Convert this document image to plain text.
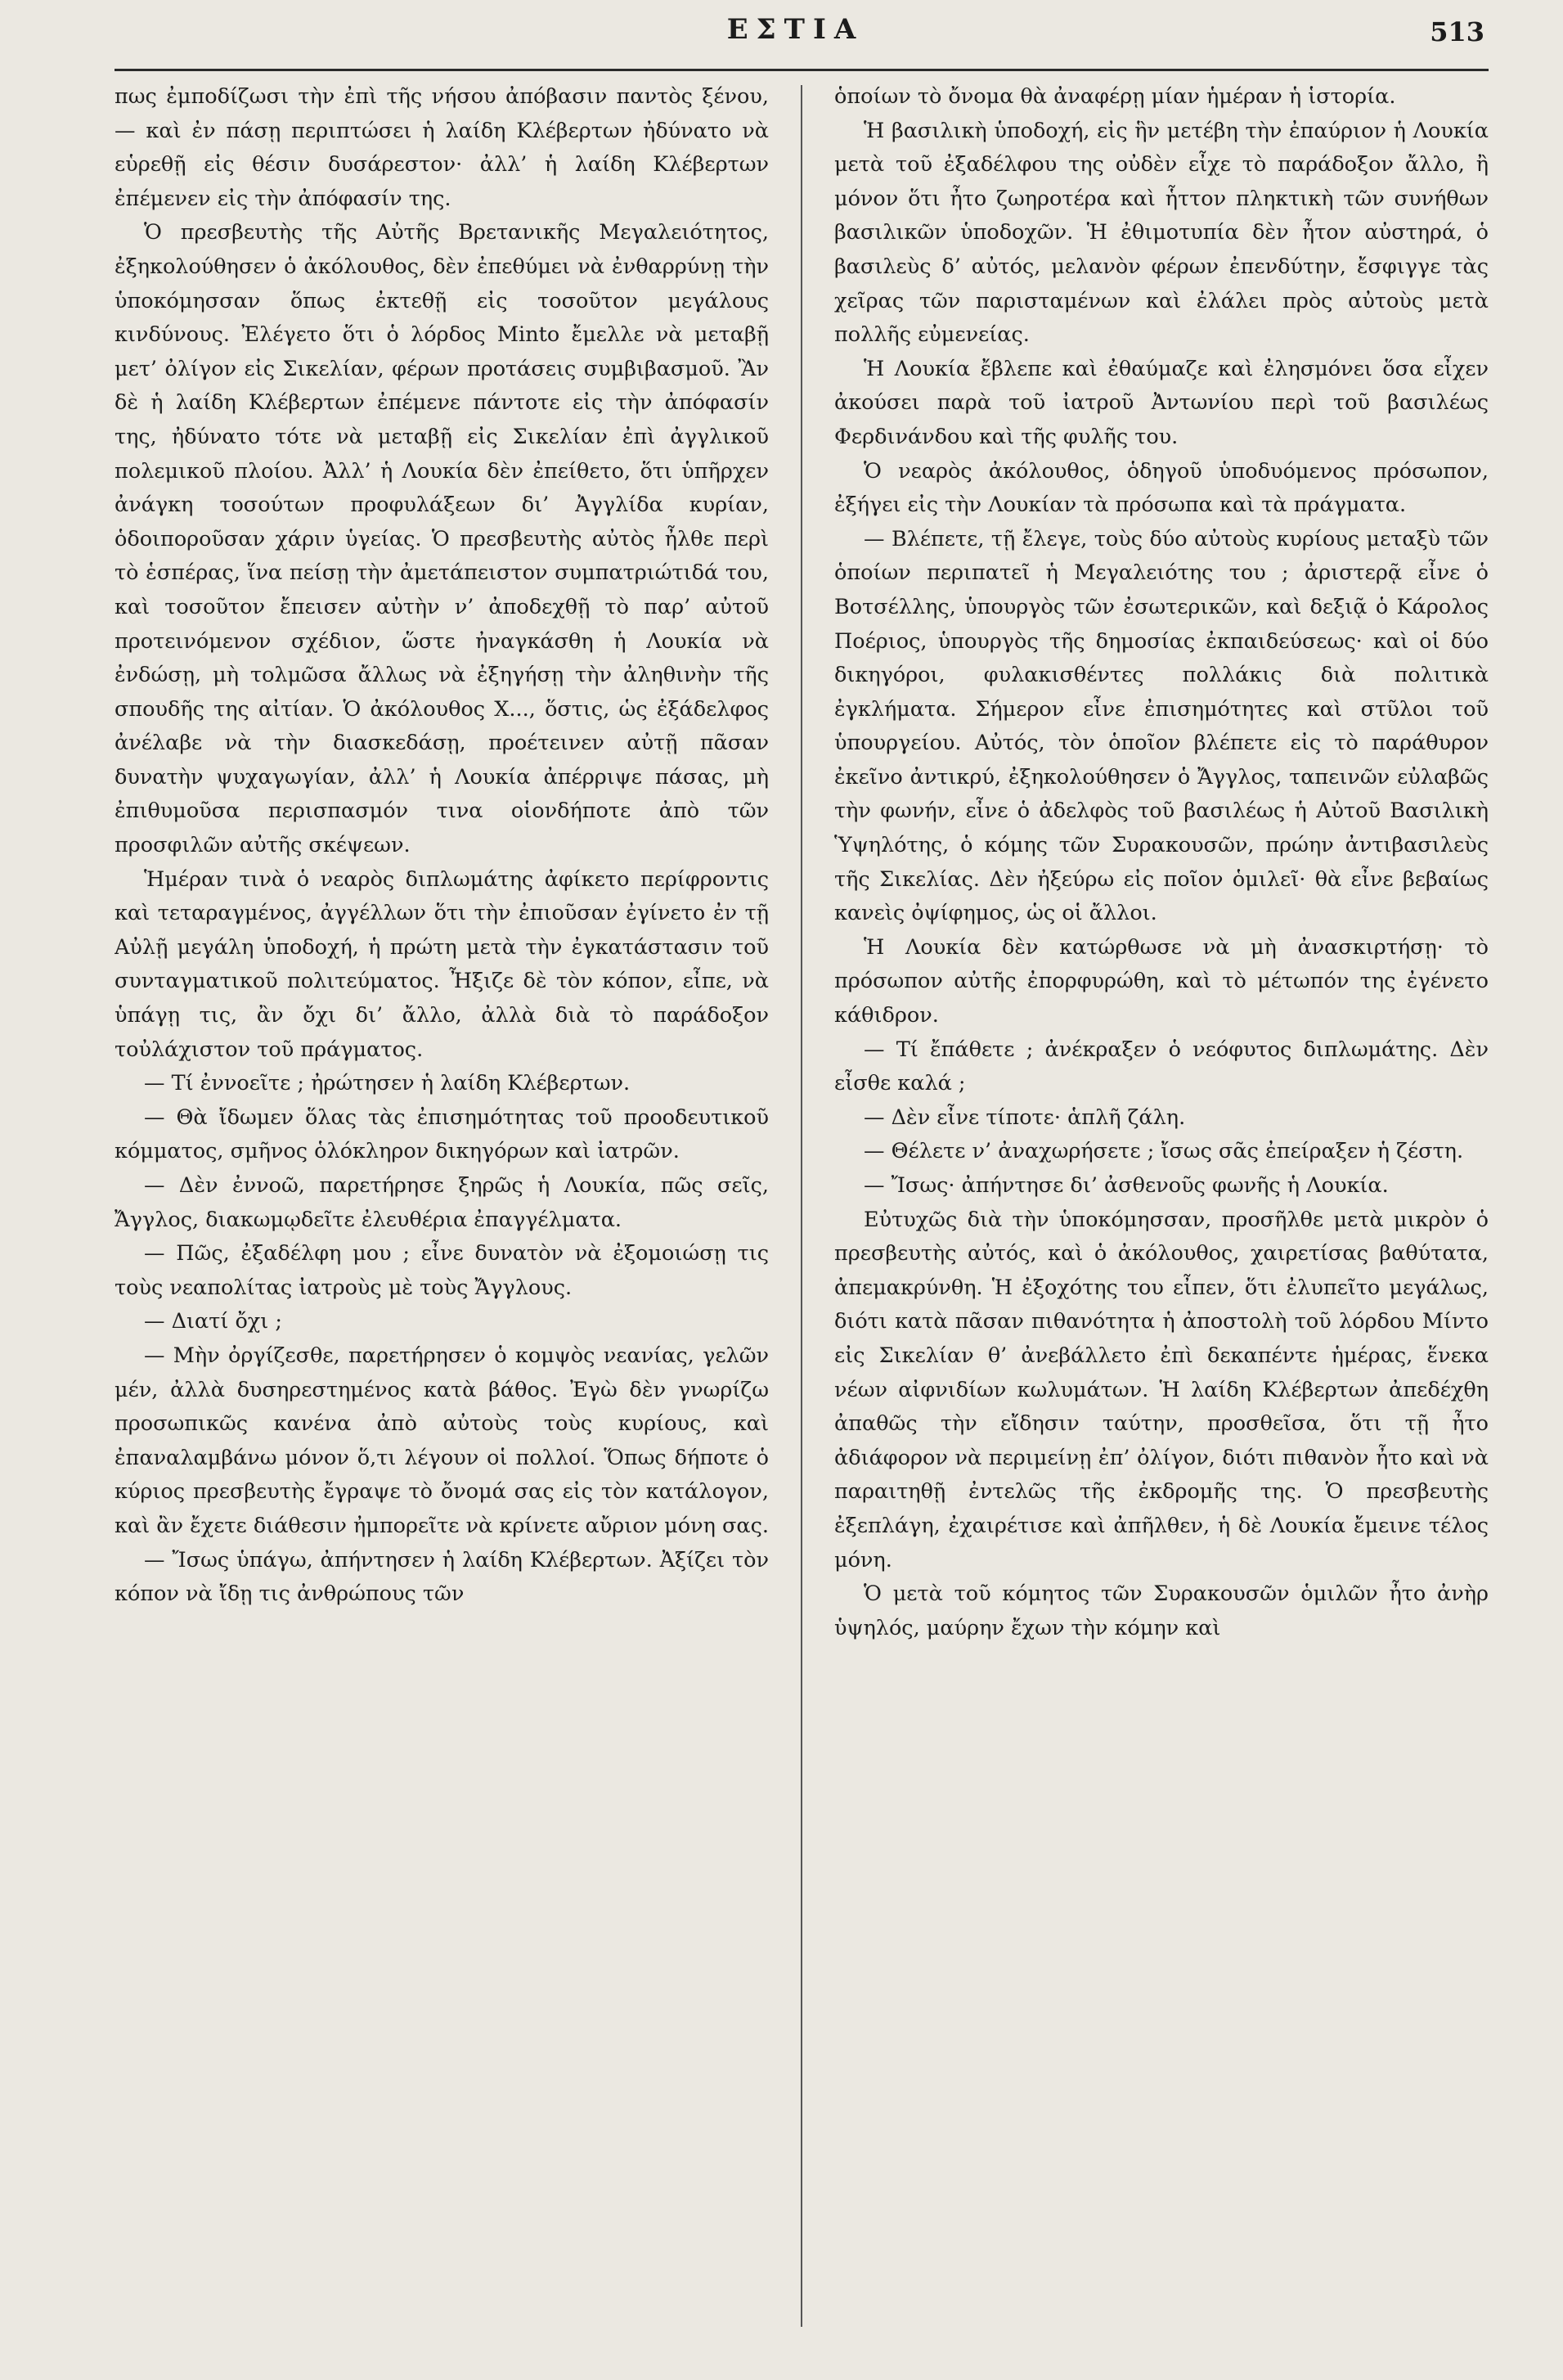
ΕΣΤΙΑ	513

πως ἐμποδίζωσι τὴν ἐπὶ τῆς νήσου ἀπόβασιν παντὸς ξένου, — καὶ ἐν πάσῃ περιπτώσει ἡ λαίδη Κλέβερτων ἠδύνατο νὰ εὑρεθῇ εἰς θέσιν δυσάρεστον· ἀλλ’ ἡ λαίδη Κλέβερτων ἐπέμενεν εἰς τὴν ἀπόφασίν της.

Ὁ πρεσβευτὴς τῆς Αὐτῆς Βρετανικῆς Μεγαλειότητος, ἐξηκολούθησεν ὁ ἀκόλουθος, δὲν ἐπεθύμει νὰ ἐνθαρρύνῃ τὴν ὑποκόμησσαν ὅπως ἐκτεθῇ εἰς τοσοῦτον μεγάλους κινδύνους. Ἐλέγετο ὅτι ὁ λόρδος Minto ἔμελλε νὰ μεταβῇ μετ’ ὀλίγον εἰς Σικελίαν, φέρων προτάσεις συμβιβασμοῦ. Ἂν δὲ ἡ λαίδη Κλέβερτων ἐπέμενε πάντοτε εἰς τὴν ἀπόφασίν της, ἠδύνατο τότε νὰ μεταβῇ εἰς Σικελίαν ἐπὶ ἀγγλικοῦ πολεμικοῦ πλοίου. Ἀλλ’ ἡ Λουκία δὲν ἐπείθετο, ὅτι ὑπῆρχεν ἀνάγκη τοσούτων προφυλάξεων δι’ Ἀγγλίδα κυρίαν, ὁδοιποροῦσαν χάριν ὑγείας. Ὁ πρεσβευτὴς αὐτὸς ἦλθε περὶ τὸ ἑσπέρας, ἵνα πείσῃ τὴν ἀμετάπειστον συμπατριώτιδά του, καὶ τοσοῦτον ἔπεισεν αὐτὴν ν’ ἀποδεχθῇ τὸ παρ’ αὐτοῦ προτεινόμενον σχέδιον, ὥστε ἠναγκάσθη ἡ Λουκία νὰ ἐνδώσῃ, μὴ τολμῶσα ἄλλως νὰ ἐξηγήσῃ τὴν ἀληθινὴν τῆς σπουδῆς της αἰτίαν. Ὁ ἀκόλουθος Χ..., ὅστις, ὡς ἐξάδελφος ἀνέλαβε νὰ τὴν διασκεδάσῃ, προέτεινεν αὐτῇ πᾶσαν δυνατὴν ψυχαγωγίαν, ἀλλ’ ἡ Λουκία ἀπέρριψε πάσας, μὴ ἐπιθυμοῦσα περισπασμόν τινα οἱονδήποτε ἀπὸ τῶν προσφιλῶν αὐτῆς σκέψεων.

Ἡμέραν τινὰ ὁ νεαρὸς διπλωμάτης ἀφίκετο περίφροντις καὶ τεταραγμένος, ἀγγέλλων ὅτι τὴν ἐπιοῦσαν ἐγίνετο ἐν τῇ Αὐλῇ μεγάλη ὑποδοχή, ἡ πρώτη μετὰ τὴν ἐγκατάστασιν τοῦ συνταγματικοῦ πολιτεύματος. Ἦξιζε δὲ τὸν κόπον, εἶπε, νὰ ὑπάγῃ τις, ἂν ὄχι δι’ ἄλλο, ἀλλὰ διὰ τὸ παράδοξον τοὐλάχιστον τοῦ πράγματος.

— Τί ἐννοεῖτε ; ἠρώτησεν ἡ λαίδη Κλέβερτων.

— Θὰ ἴδωμεν ὅλας τὰς ἐπισημότητας τοῦ προοδευτικοῦ κόμματος, σμῆνος ὁλόκληρον δικηγόρων καὶ ἰατρῶν.

— Δὲν ἐννοῶ, παρετήρησε ξηρῶς ἡ Λουκία, πῶς σεῖς, Ἄγγλος, διακωμῳδεῖτε ἐλευθέρια ἐπαγγέλματα.

— Πῶς, ἐξαδέλφη μου ; εἶνε δυνατὸν νὰ ἐξομοιώσῃ τις τοὺς νεαπολίτας ἰατροὺς μὲ τοὺς Ἄγγλους.

— Διατί ὄχι ;

— Μὴν ὀργίζεσθε, παρετήρησεν ὁ κομψὸς νεανίας, γελῶν μέν, ἀλλὰ δυσηρεστημένος κατὰ βάθος. Ἐγὼ δὲν γνωρίζω προσωπικῶς κανένα ἀπὸ αὐτοὺς τοὺς κυρίους, καὶ ἐπαναλαμβάνω μόνον ὅ,τι λέγουν οἱ πολλοί. Ὅπως δήποτε ὁ κύριος πρεσβευτὴς ἔγραψε τὸ ὄνομά σας εἰς τὸν κατάλογον, καὶ ἂν ἔχετε διάθεσιν ἠμπορεῖτε νὰ κρίνετε αὔριον μόνη σας.

— Ἴσως ὑπάγω, ἀπήντησεν ἡ λαίδη Κλέβερτων. Ἀξίζει τὸν κόπον νὰ ἴδῃ τις ἀνθρώπους τῶν

ὁποίων τὸ ὄνομα θὰ ἀναφέρῃ μίαν ἡμέραν ἡ ἱστορία.

Ἡ βασιλικὴ ὑποδοχή, εἰς ἣν μετέβη τὴν ἐπαύριον ἡ Λουκία μετὰ τοῦ ἐξαδέλφου της οὐδὲν εἶχε τὸ παράδοξον ἄλλο, ἢ μόνον ὅτι ἦτο ζωηροτέρα καὶ ἧττον πληκτικὴ τῶν συνήθων βασιλικῶν ὑποδοχῶν. Ἡ ἐθιμοτυπία δὲν ἦτον αὐστηρά, ὁ βασιλεὺς δ’ αὐτός, μελανὸν φέρων ἐπενδύτην, ἔσφιγγε τὰς χεῖρας τῶν παρισταμένων καὶ ἐλάλει πρὸς αὐτοὺς μετὰ πολλῆς εὐμενείας.

Ἡ Λουκία ἔβλεπε καὶ ἐθαύμαζε καὶ ἐλησμόνει ὅσα εἶχεν ἀκούσει παρὰ τοῦ ἰατροῦ Ἀντωνίου περὶ τοῦ βασιλέως Φερδινάνδου καὶ τῆς φυλῆς του.

Ὁ νεαρὸς ἀκόλουθος, ὁδηγοῦ ὑποδυόμενος πρόσωπον, ἐξήγει εἰς τὴν Λουκίαν τὰ πρόσωπα καὶ τὰ πράγματα.

— Βλέπετε, τῇ ἔλεγε, τοὺς δύο αὐτοὺς κυρίους μεταξὺ τῶν ὁποίων περιπατεῖ ἡ Μεγαλειότης του ; ἀριστερᾷ εἶνε ὁ Βοτσέλλης, ὑπουργὸς τῶν ἐσωτερικῶν, καὶ δεξιᾷ ὁ Κάρολος Ποέριος, ὑπουργὸς τῆς δημοσίας ἐκπαιδεύσεως· καὶ οἱ δύο δικηγόροι, φυλακισθέντες πολλάκις διὰ πολιτικὰ ἐγκλήματα. Σήμερον εἶνε ἐπισημότητες καὶ στῦλοι τοῦ ὑπουργείου. Αὐτός, τὸν ὁποῖον βλέπετε εἰς τὸ παράθυρον ἐκεῖνο ἀντικρύ, ἐξηκολούθησεν ὁ Ἄγγλος, ταπεινῶν εὐλαβῶς τὴν φωνήν, εἶνε ὁ ἀδελφὸς τοῦ βασιλέως ἡ Αὐτοῦ Βασιλικὴ Ὑψηλότης, ὁ κόμης τῶν Συρακουσῶν, πρώην ἀντιβασιλεὺς τῆς Σικελίας. Δὲν ἠξεύρω εἰς ποῖον ὁμιλεῖ· θὰ εἶνε βεβαίως κανεὶς ὀψίφημος, ὡς οἱ ἄλλοι.

Ἡ Λουκία δὲν κατώρθωσε νὰ μὴ ἀνασκιρτήσῃ· τὸ πρόσωπον αὐτῆς ἐπορφυρώθη, καὶ τὸ μέτωπόν της ἐγένετο κάθιδρον.

— Τί ἔπάθετε ; ἀνέκραξεν ὁ νεόφυτος διπλωμάτης. Δὲν εἶσθε καλά ;

— Δὲν εἶνε τίποτε· ἁπλῆ ζάλη.

— Θέλετε ν’ ἀναχωρήσετε ; ἴσως σᾶς ἐπείραξεν ἡ ζέστη.

— Ἴσως· ἀπήντησε δι’ ἀσθενοῦς φωνῆς ἡ Λουκία.

Εὐτυχῶς διὰ τὴν ὑποκόμησσαν, προσῆλθε μετὰ μικρὸν ὁ πρεσβευτὴς αὐτός, καὶ ὁ ἀκόλουθος, χαιρετίσας βαθύτατα, ἀπεμακρύνθη. Ἡ ἐξοχότης του εἶπεν, ὅτι ἐλυπεῖτο μεγάλως, διότι κατὰ πᾶσαν πιθανότητα ἡ ἀποστολὴ τοῦ λόρδου Μίντο εἰς Σικελίαν θ’ ἀνεβάλλετο ἐπὶ δεκαπέντε ἡμέρας, ἕνεκα νέων αἰφνιδίων κωλυμάτων. Ἡ λαίδη Κλέβερτων ἀπεδέχθη ἀπαθῶς τὴν εἴδησιν ταύτην, προσθεῖσα, ὅτι τῇ ἦτο ἀδιάφορον νὰ περιμείνῃ ἐπ’ ὀλίγον, διότι πιθανὸν ἦτο καὶ νὰ παραιτηθῇ ἐντελῶς τῆς ἐκδρομῆς της. Ὁ πρεσβευτὴς ἐξεπλάγη, ἐχαιρέτισε καὶ ἀπῆλθεν, ἡ δὲ Λουκία ἔμεινε τέλος μόνη.

Ὁ μετὰ τοῦ κόμητος τῶν Συρακουσῶν ὁμιλῶν ἦτο ἀνὴρ ὑψηλός, μαύρην ἔχων τὴν κόμην καὶ
